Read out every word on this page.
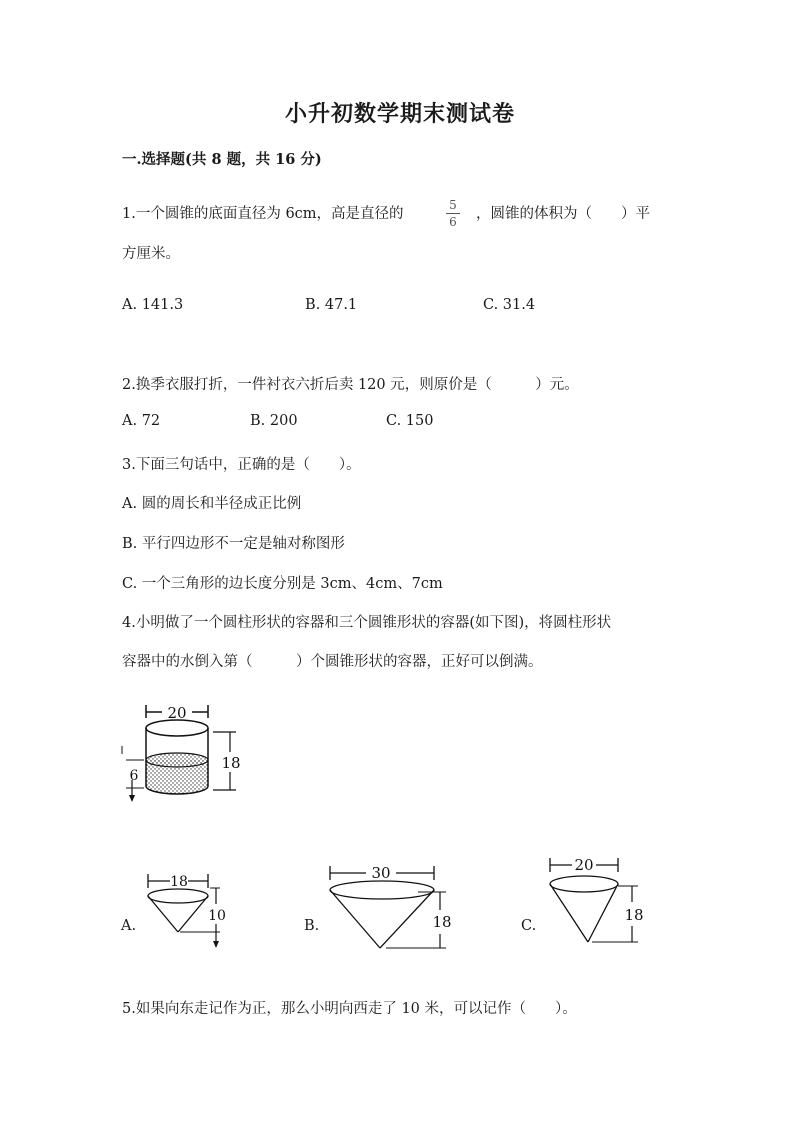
小升初数学期末测试卷
一.选择题(共 8 题，共 16 分)
1.一个圆锥的底面直径为 6cm，高是直径的
5
6 ，圆锥的体积为（　　）平
方厘米。
A. 141.3	B. 47.1	C. 31.4
2.换季衣服打折，一件衬衣六折后卖 120 元，则原价是（　　　）元。
A. 72	B. 200	C. 150
3.下面三句话中，正确的是（　　）。
A. 圆的周长和半径成正比例
B. 平行四边形不一定是轴对称图形
C. 一个三角形的边长度分别是 3cm、4cm、7cm
4.小明做了一个圆柱形状的容器和三个圆锥形状的容器(如下图)，将圆柱形状
容器中的水倒入第（　　　）个圆锥形状的容器，正好可以倒满。
20
18
6
A.
18
10
B.
30
18	C.
20
18
5.如果向东走记作为正，那么小明向西走了 10 米，可以记作（　　）。
